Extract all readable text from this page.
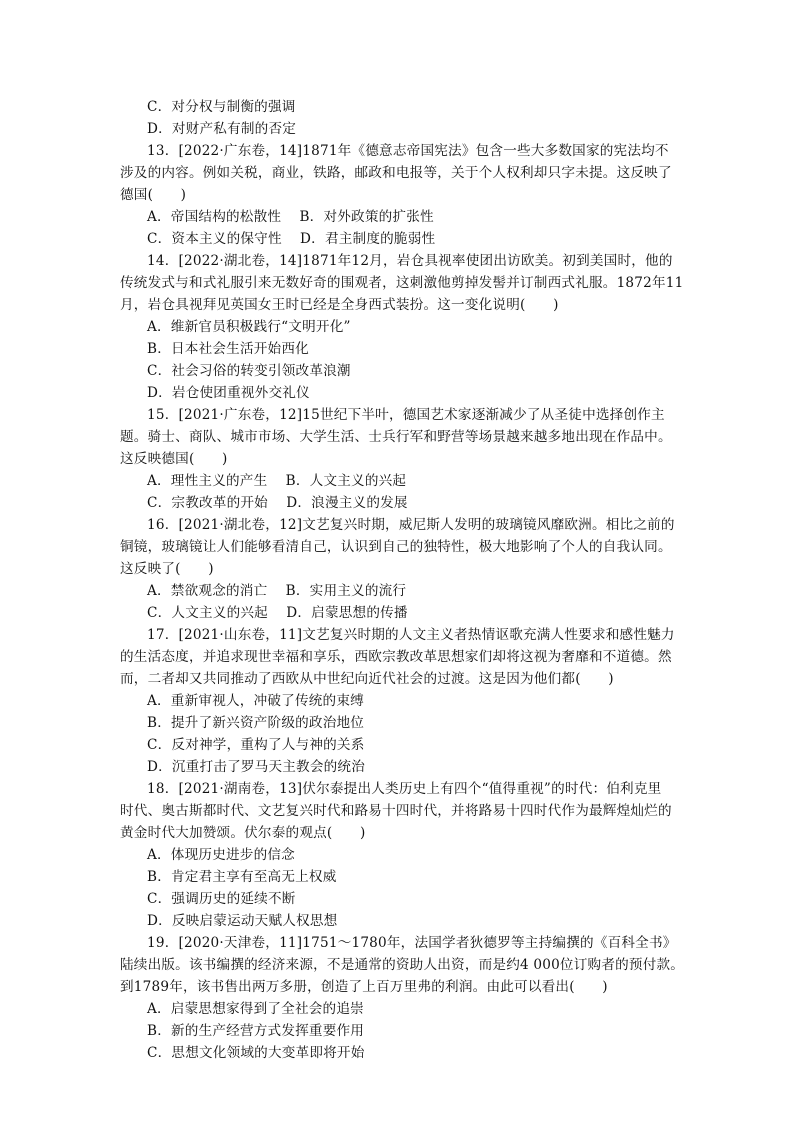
C．对分权与制衡的强调
D．对财产私有制的否定
13．[2022·广东卷，14]1871年《德意志帝国宪法》包含一些大多数国家的宪法均不
涉及的内容。例如关税，商业，铁路，邮政和电报等，关于个人权利却只字未提。这反映了
德国(　　)
A．帝国结构的松散性　 B．对外政策的扩张性
C．资本主义的保守性　 D．君主制度的脆弱性
14．[2022·湖北卷，14]1871年12月，岩仓具视率使团出访欧美。初到美国时，他的
传统发式与和式礼服引来无数好奇的围观者，这刺激他剪掉发髻并订制西式礼服。1872年11
月，岩仓具视拜见英国女王时已经是全身西式装扮。这一变化说明(　　)
A．维新官员积极践行“文明开化”
B．日本社会生活开始西化
C．社会习俗的转变引领改革浪潮
D．岩仓使团重视外交礼仪
15．[2021·广东卷，12]15世纪下半叶，德国艺术家逐渐减少了从圣徒中选择创作主
题。骑士、商队、城市市场、大学生活、士兵行军和野营等场景越来越多地出现在作品中。
这反映德国(　　)
A．理性主义的产生　 B．人文主义的兴起
C．宗教改革的开始　 D．浪漫主义的发展
16．[2021·湖北卷，12]文艺复兴时期，威尼斯人发明的玻璃镜风靡欧洲。相比之前的
铜镜，玻璃镜让人们能够看清自己，认识到自己的独特性，极大地影响了个人的自我认同。
这反映了(　　)
A．禁欲观念的消亡　 B．实用主义的流行
C．人文主义的兴起　 D．启蒙思想的传播
17．[2021·山东卷，11]文艺复兴时期的人文主义者热情讴歌充满人性要求和感性魅力
的生活态度，并追求现世幸福和享乐，西欧宗教改革思想家们却将这视为奢靡和不道德。然
而，二者却又共同推动了西欧从中世纪向近代社会的过渡。这是因为他们都(　　)
A．重新审视人，冲破了传统的束缚
B．提升了新兴资产阶级的政治地位
C．反对神学，重构了人与神的关系
D．沉重打击了罗马天主教会的统治
18．[2021·湖南卷，13]伏尔泰提出人类历史上有四个“值得重视”的时代：伯利克里
时代、奥古斯都时代、文艺复兴时代和路易十四时代，并将路易十四时代作为最辉煌灿烂的
黄金时代大加赞颂。伏尔泰的观点(　　)
A．体现历史进步的信念
B．肯定君主享有至高无上权威
C．强调历史的延续不断
D．反映启蒙运动天赋人权思想
19．[2020·天津卷，11]1751～1780年，法国学者狄德罗等主持编撰的《百科全书》
陆续出版。该书编撰的经济来源，不是通常的资助人出资，而是约4 000位订购者的预付款。
到1789年，该书售出两万多册，创造了上百万里弗的利润。由此可以看出(　　)
A．启蒙思想家得到了全社会的追崇
B．新的生产经营方式发挥重要作用
C．思想文化领域的大变革即将开始
